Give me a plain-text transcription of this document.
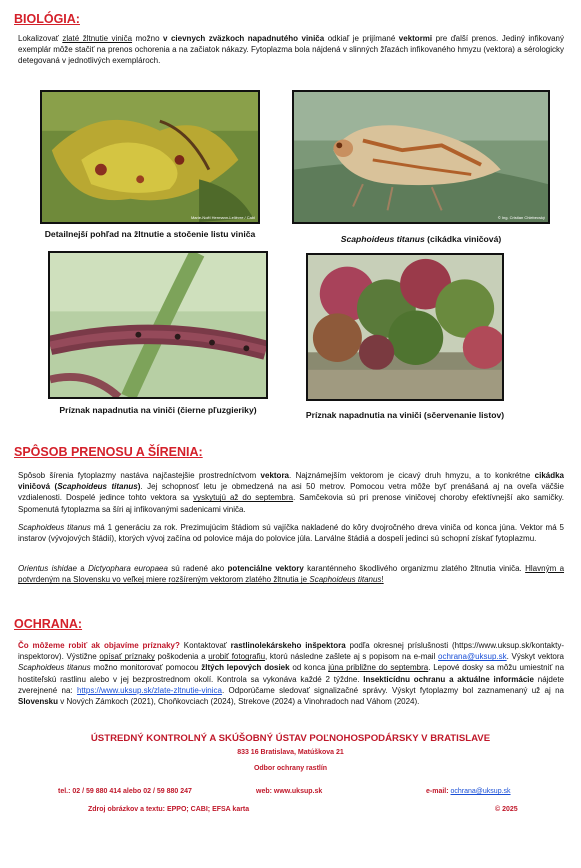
BIOLÓGIA:

Lokalizovať zlaté žltnutie viniča možno v cievnych zväzkoch napadnutého viniča odkiaľ je prijímané vektormi pre ďalší prenos. Jediný infikovaný exemplár môže stačiť na prenos ochorenia a na začiatok nákazy. Fytoplazma bola nájdená v slinných žľazách infikovaného hmyzu (vektora) a sérologicky detegovaná v jednotlivých exemplároch.

Marie-Noël Hermann-Lelièvre / Cabi
Detailnejší pohľad na žltnutie a stočenie listu viniča
© Ing. Cristian Chlebecský
Scaphoideus titanus (cikádka viničová)
Príznak napadnutia na viniči (čierne pľuzgieriky)	Príznak napadnutia na viniči (sčervenanie listov)
SPÔSOB PRENOSU A ŠÍRENIA:

Spôsob šírenia fytoplazmy nastáva najčastejšie prostredníctvom vektora. Najznámejším vektorom je cicavý druh hmyzu, a to konkrétne cikádka viničová (Scaphoideus titanus). Jej schopnosť letu je obmedzená na asi 50 metrov. Pomocou vetra môže byť prenášaná aj na oveľa väčšie vzdialenosti. Dospelé jedince tohto vektora sa vyskytujú až do septembra. Samčekovia sú pri prenose viničovej choroby efektívnejší ako samičky. Spomenutá fytoplazma sa šíri aj infikovanými sadenicami viniča.

Scaphoideus titanus má 1 generáciu za rok. Prezimujúcim štádiom sú vajíčka nakladené do kôry dvojročného dreva viniča od konca júna. Vektor má 5 instarov (vývojových štádií), ktorých vývoj začína od polovice mája do polovice júla. Larválne štádiá a dospelí jedinci sú schopní získať fytoplazmu.

Orientus ishidae a Dictyophara europaea sú radené ako potenciálne vektory karanténneho škodlivého organizmu zlatého žltnutia viniča. Hlavným a potvrdeným na Slovensku vo veľkej miere rozšíreným vektorom zlatého žltnutia je Scaphoideus titanus!

OCHRANA:

Čo môžeme robiť ak objavíme príznaky? Kontaktovať rastlinolekárskeho inšpektora podľa okresnej príslušnosti (https://www.uksup.sk/kontakty-inspektorov). Výstižne opísať príznaky poškodenia a urobiť fotografiu, ktorú následne zašlete aj s popisom na e-mail ochrana@uksup.sk. Výskyt vektora Scaphoideus titanus možno monitorovať pomocou žltých lepových dosiek od konca júna približne do septembra. Lepové dosky sa môžu umiestniť na hostiteľskú rastlinu alebo v jej bezprostrednom okolí. Kontrola sa vykonáva každé 2 týždne. Insekticídnu ochranu a aktuálne informácie nájdete zverejnené na: https://www.uksup.sk/zlate-zltnutie-vinica. Odporúčame sledovať signalizačné správy. Výskyt fytoplazmy bol zaznamenaný už aj na Slovensku v Nových Zámkoch (2021), Choňkovciach (2024), Strekove (2024) a Vinohradoch nad Váhom (2024).

ÚSTREDNÝ KONTROLNÝ A SKÚŠOBNÝ ÚSTAV POĽNOHOSPODÁRSKY V BRATISLAVE
833 16 Bratislava, Matúškova 21
Odbor ochrany rastlín
tel.: 02 / 59 880 414 alebo 02 / 59 880 247	web: www.uksup.sk	e-mail: ochrana@uksup.sk
Zdroj obrázkov a textu: EPPO; CABI; EFSA karta	© 2025
